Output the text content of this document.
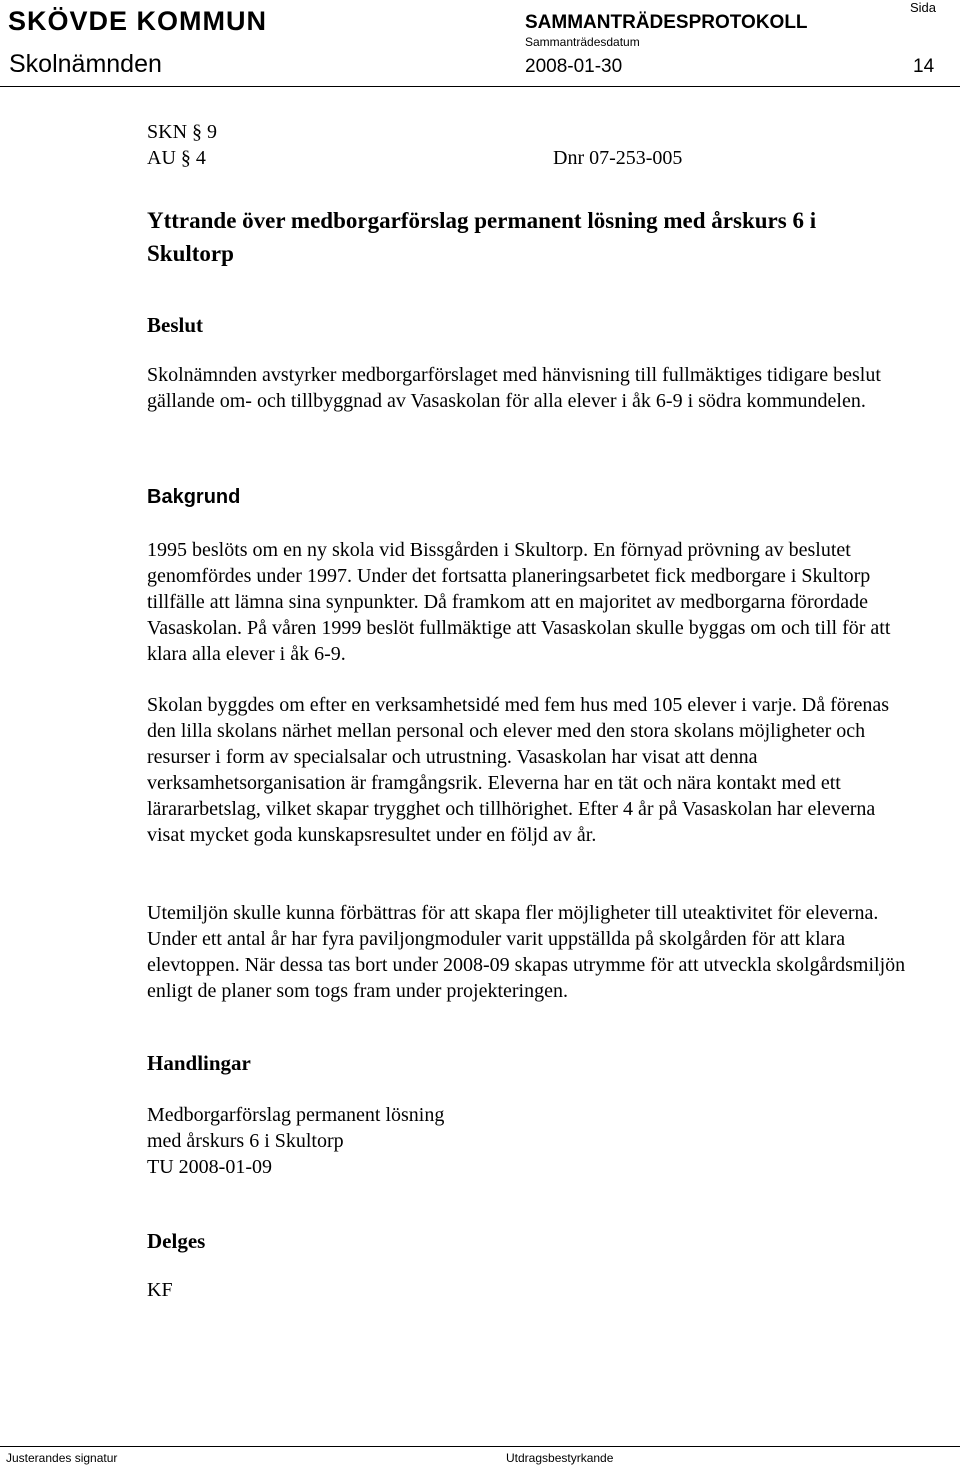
SKÖVDE KOMMUN	SAMMANTRÄDESPROTOKOLL
Sammanträdesdatum
Sida
Skolnämnden	2008-01-30	14
SKN § 9
AU § 4	Dnr 07-253-005
Yttrande över medborgarförslag permanent lösning med årskurs 6 i Skultorp
Beslut
Skolnämnden avstyrker medborgarförslaget med hänvisning till fullmäktiges tidigare beslut gällande om- och tillbyggnad av Vasaskolan för alla elever i åk 6-9 i södra kommundelen.
Bakgrund
1995 beslöts om en ny skola vid Bissgården i Skultorp. En förnyad prövning av beslutet genomfördes under 1997. Under det fortsatta planeringsarbetet fick medborgare i Skultorp tillfälle att lämna sina synpunkter. Då framkom att en majoritet av medborgarna förordade Vasaskolan. På våren 1999 beslöt fullmäktige att Vasaskolan skulle byggas om och till för att klara alla elever i åk 6-9.
Skolan byggdes om efter en verksamhetsidé med fem hus med 105 elever i varje. Då förenas den lilla skolans närhet mellan personal och elever med den stora skolans möjligheter och resurser i form av specialsalar och utrustning. Vasaskolan har visat att denna verksamhetsorganisation är framgångsrik. Eleverna har en tät och nära kontakt med ett lärararbetslag, vilket skapar trygghet och tillhörighet. Efter 4 år på Vasaskolan har eleverna visat mycket goda kunskapsresultet under en följd av år.
Utemiljön skulle kunna förbättras för att skapa fler möjligheter till uteaktivitet för eleverna. Under ett antal år har fyra paviljongmoduler varit uppställda på skolgården för att klara elevtoppen. När dessa tas bort under 2008-09 skapas utrymme för att utveckla skolgårdsmiljön enligt de planer som togs fram under projekteringen.
Handlingar
Medborgarförslag permanent lösning
med årskurs 6 i Skultorp
TU 2008-01-09
Delges
KF
Justerandes signatur	Utdragsbestyrkande
